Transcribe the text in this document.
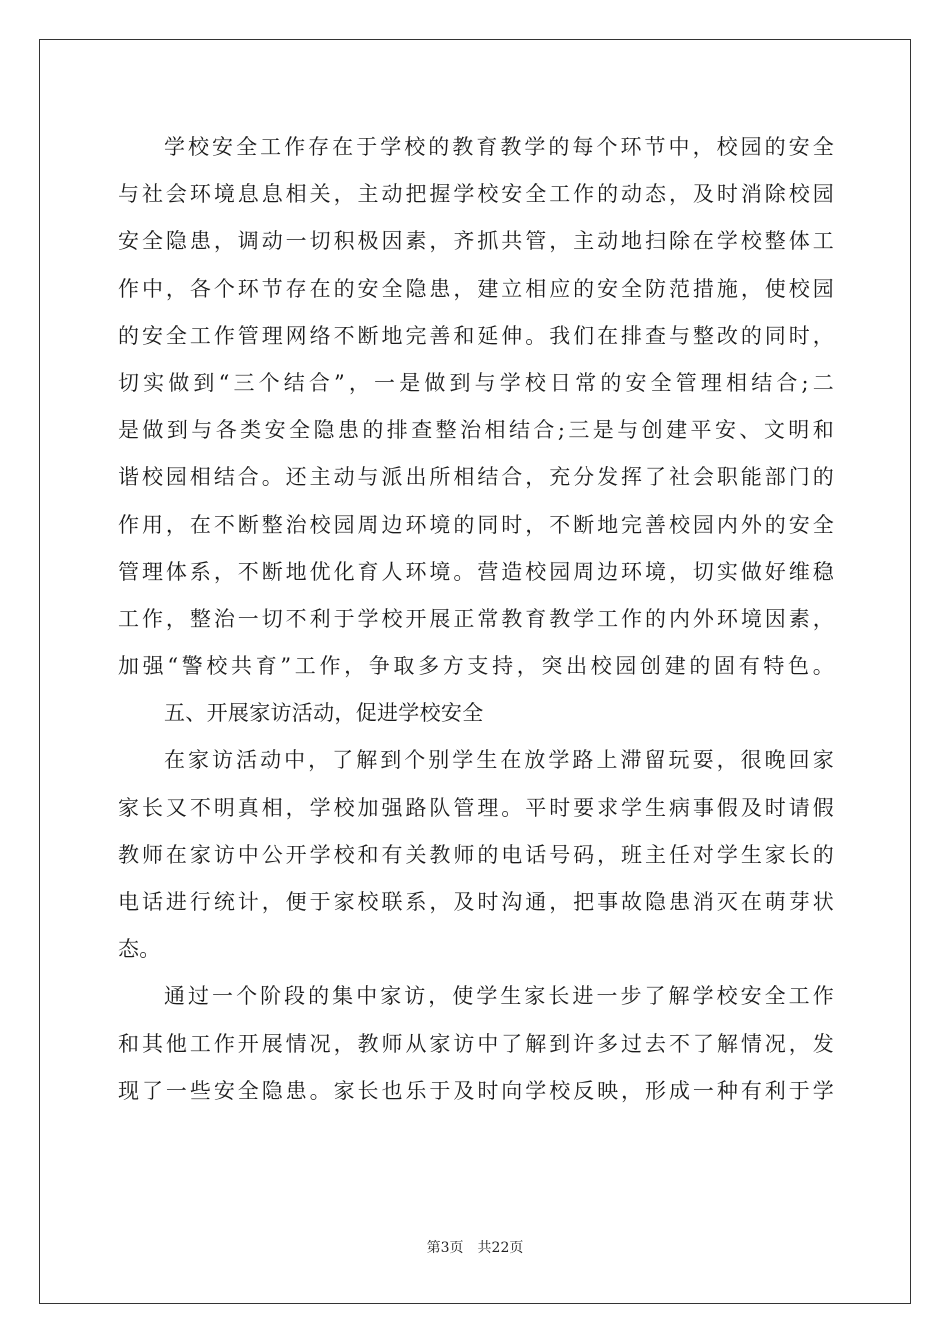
学校安全工作存在于学校的教育教学的每个环节中，校园的安全
与社会环境息息相关，主动把握学校安全工作的动态，及时消除校园
安全隐患，调动一切积极因素，齐抓共管，主动地扫除在学校整体工
作中，各个环节存在的安全隐患，建立相应的安全防范措施，使校园
的安全工作管理网络不断地完善和延伸。我们在排查与整改的同时，
切实做到“三个结合”，一是做到与学校日常的安全管理相结合;二
是做到与各类安全隐患的排查整治相结合;三是与创建平安、文明和
谐校园相结合。还主动与派出所相结合，充分发挥了社会职能部门的
作用，在不断整治校园周边环境的同时，不断地完善校园内外的安全
管理体系，不断地优化育人环境。营造校园周边环境，切实做好维稳
工作，整治一切不利于学校开展正常教育教学工作的内外环境因素，
加强“警校共育”工作，争取多方支持，突出校园创建的固有特色。
五、开展家访活动，促进学校安全
在家访活动中，了解到个别学生在放学路上滞留玩耍，很晚回家
家长又不明真相，学校加强路队管理。平时要求学生病事假及时请假
教师在家访中公开学校和有关教师的电话号码，班主任对学生家长的
电话进行统计，便于家校联系，及时沟通，把事故隐患消灭在萌芽状
态。
通过一个阶段的集中家访，使学生家长进一步了解学校安全工作
和其他工作开展情况，教师从家访中了解到许多过去不了解情况，发
现了一些安全隐患。家长也乐于及时向学校反映，形成一种有利于学
第3页 共22页
